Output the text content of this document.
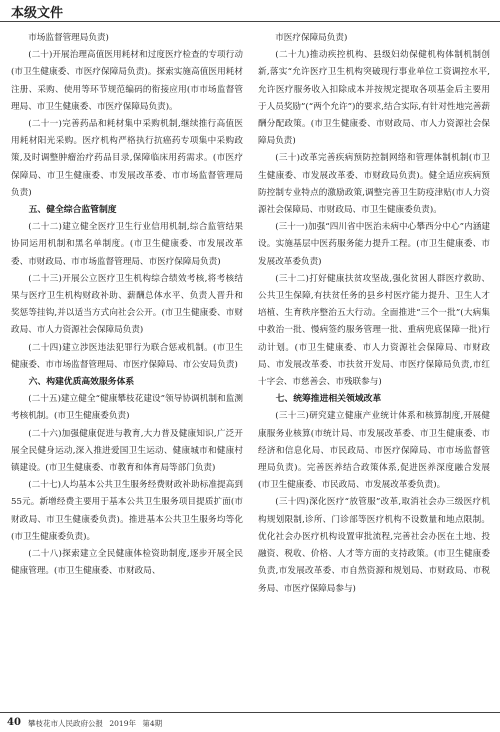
本级文件

市场监督管理局负责)

(二十)开展治理高值医用耗材和过度医疗检查的专项行动(市卫生健康委、市医疗保障局负责)。探索实施高值医用耗材注册、采购、使用等环节规范编码的衔接应用(市市场监督管理局、市卫生健康委、市医疗保障局负责)。

(二十一)完善药品和耗材集中采购机制,继续推行高值医用耗材阳光采购。医疗机构严格执行抗癌药专项集中采购政策,及时调整肿瘤治疗药品目录,保障临床用药需求。(市医疗保障局、市卫生健康委、市发展改革委、市市场监督管理局负责)

五、健全综合监管制度

(二十二)建立健全医疗卫生行业信用机制,综合监管结果协同运用机制和黑名单制度。(市卫生健康委、市发展改革委、市财政局、市市场监督管理局、市医疗保障局负责)

(二十三)开展公立医疗卫生机构综合绩效考核,将考核结果与医疗卫生机构财政补助、薪酬总体水平、负责人晋升和奖惩等挂钩,并以适当方式向社会公开。(市卫生健康委、市财政局、市人力资源社会保障局负责)

(二十四)建立涉医违法犯罪行为联合惩戒机制。(市卫生健康委、市市场监督管理局、市医疗保障局、市公安局负责)

六、构建优质高效服务体系

(二十五)建立健全“健康攀枝花建设”领导协调机制和监测考核机制。(市卫生健康委负责)

(二十六)加强健康促进与教育,大力普及健康知识,广泛开展全民健身运动,深入推进爱国卫生运动、健康城市和健康村镇建设。(市卫生健康委、市教育和体育局等部门负责)

(二十七)人均基本公共卫生服务经费财政补助标准提高到55元。新增经费主要用于基本公共卫生服务项目提质扩面(市财政局、市卫生健康委负责)。推进基本公共卫生服务均等化(市卫生健康委负责)。

(二十八)探索建立全民健康体检资助制度,逐步开展全民健康管理。(市卫生健康委、市财政局、

市医疗保障局负责)

(二十九)推动疾控机构、县级妇幼保健机构体制机制创新,落实“允许医疗卫生机构突破现行事业单位工资调控水平,允许医疗服务收入扣除成本并按规定提取各项基金后主要用于人员奖励”(“两个允许”)的要求,结合实际,有针对性地完善薪酬分配政策。(市卫生健康委、市财政局、市人力资源社会保障局负责)

(三十)改革完善疾病预防控制网络和管理体制机制(市卫生健康委、市发展改革委、市财政局负责)。健全适应疾病预防控制专业特点的激励政策,调整完善卫生防疫津贴(市人力资源社会保障局、市财政局、市卫生健康委负责)。

(三十一)加强“四川省中医治未病中心攀西分中心”内涵建设。实施基层中医药服务能力提升工程。(市卫生健康委、市发展改革委负责)

(三十二)打好健康扶贫攻坚战,强化贫困人群医疗救助、公共卫生保障,有扶贫任务的县乡村医疗能力提升、卫生人才培植、生育秩序整治五大行动。全面推进“三个一批”(大病集中救治一批、慢病签约服务管理一批、重病兜底保障一批)行动计划。(市卫生健康委、市人力资源社会保障局、市财政局、市发展改革委、市扶贫开发局、市医疗保障局负责,市红十字会、市慈善会、市残联参与)

七、统筹推进相关领域改革

(三十三)研究建立健康产业统计体系和核算制度,开展健康服务业核算(市统计局、市发展改革委、市卫生健康委、市经济和信息化局、市民政局、市医疗保障局、市市场监督管理局负责)。完善医养结合政策体系,促进医养深度融合发展(市卫生健康委、市民政局、市发展改革委负责)。

(三十四)深化医疗“放管服”改革,取消社会办三级医疗机构规划限制,诊所、门诊部等医疗机构不设数量和地点限制。优化社会办医疗机构设置审批流程,完善社会办医在土地、投融资、税收、价格、人才等方面的支持政策。(市卫生健康委负责,市发展改革委、市自然资源和规划局、市财政局、市税务局、市医疗保障局参与)

40 攀枝花市人民政府公报 2019年 第4期
